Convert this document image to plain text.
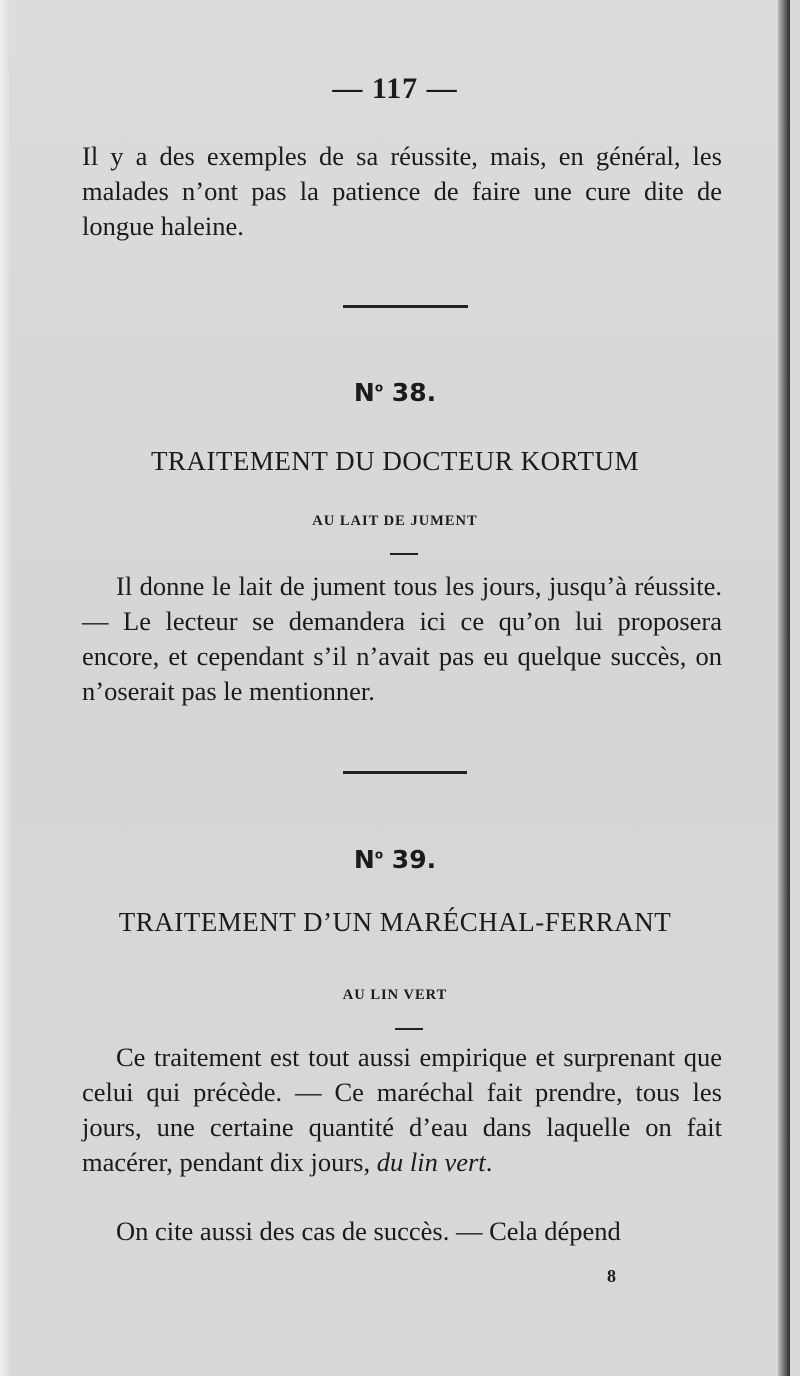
— 117 —

Il y a des exemples de sa réussite, mais, en général, les malades n’ont pas la patience de faire une cure dite de longue haleine.

$N^o$ 38.
TRAITEMENT DU DOCTEUR KORTUM
AU LAIT DE JUMENT

Il donne le lait de jument tous les jours, jusqu’à réussite. — Le lecteur se demandera ici ce qu’on lui proposera encore, et cependant s’il n’avait pas eu quelque succès, on n’oserait pas le mentionner.

$N^o$ 39.
TRAITEMENT D’UN MARÉCHAL-FERRANT
AU LIN VERT

Ce traitement est tout aussi empirique et surprenant que celui qui précède. — Ce maréchal fait prendre, tous les jours, une certaine quantité d’eau dans laquelle on fait macérer, pendant dix jours, du lin vert.

On cite aussi des cas de succès. — Cela dépend

8
